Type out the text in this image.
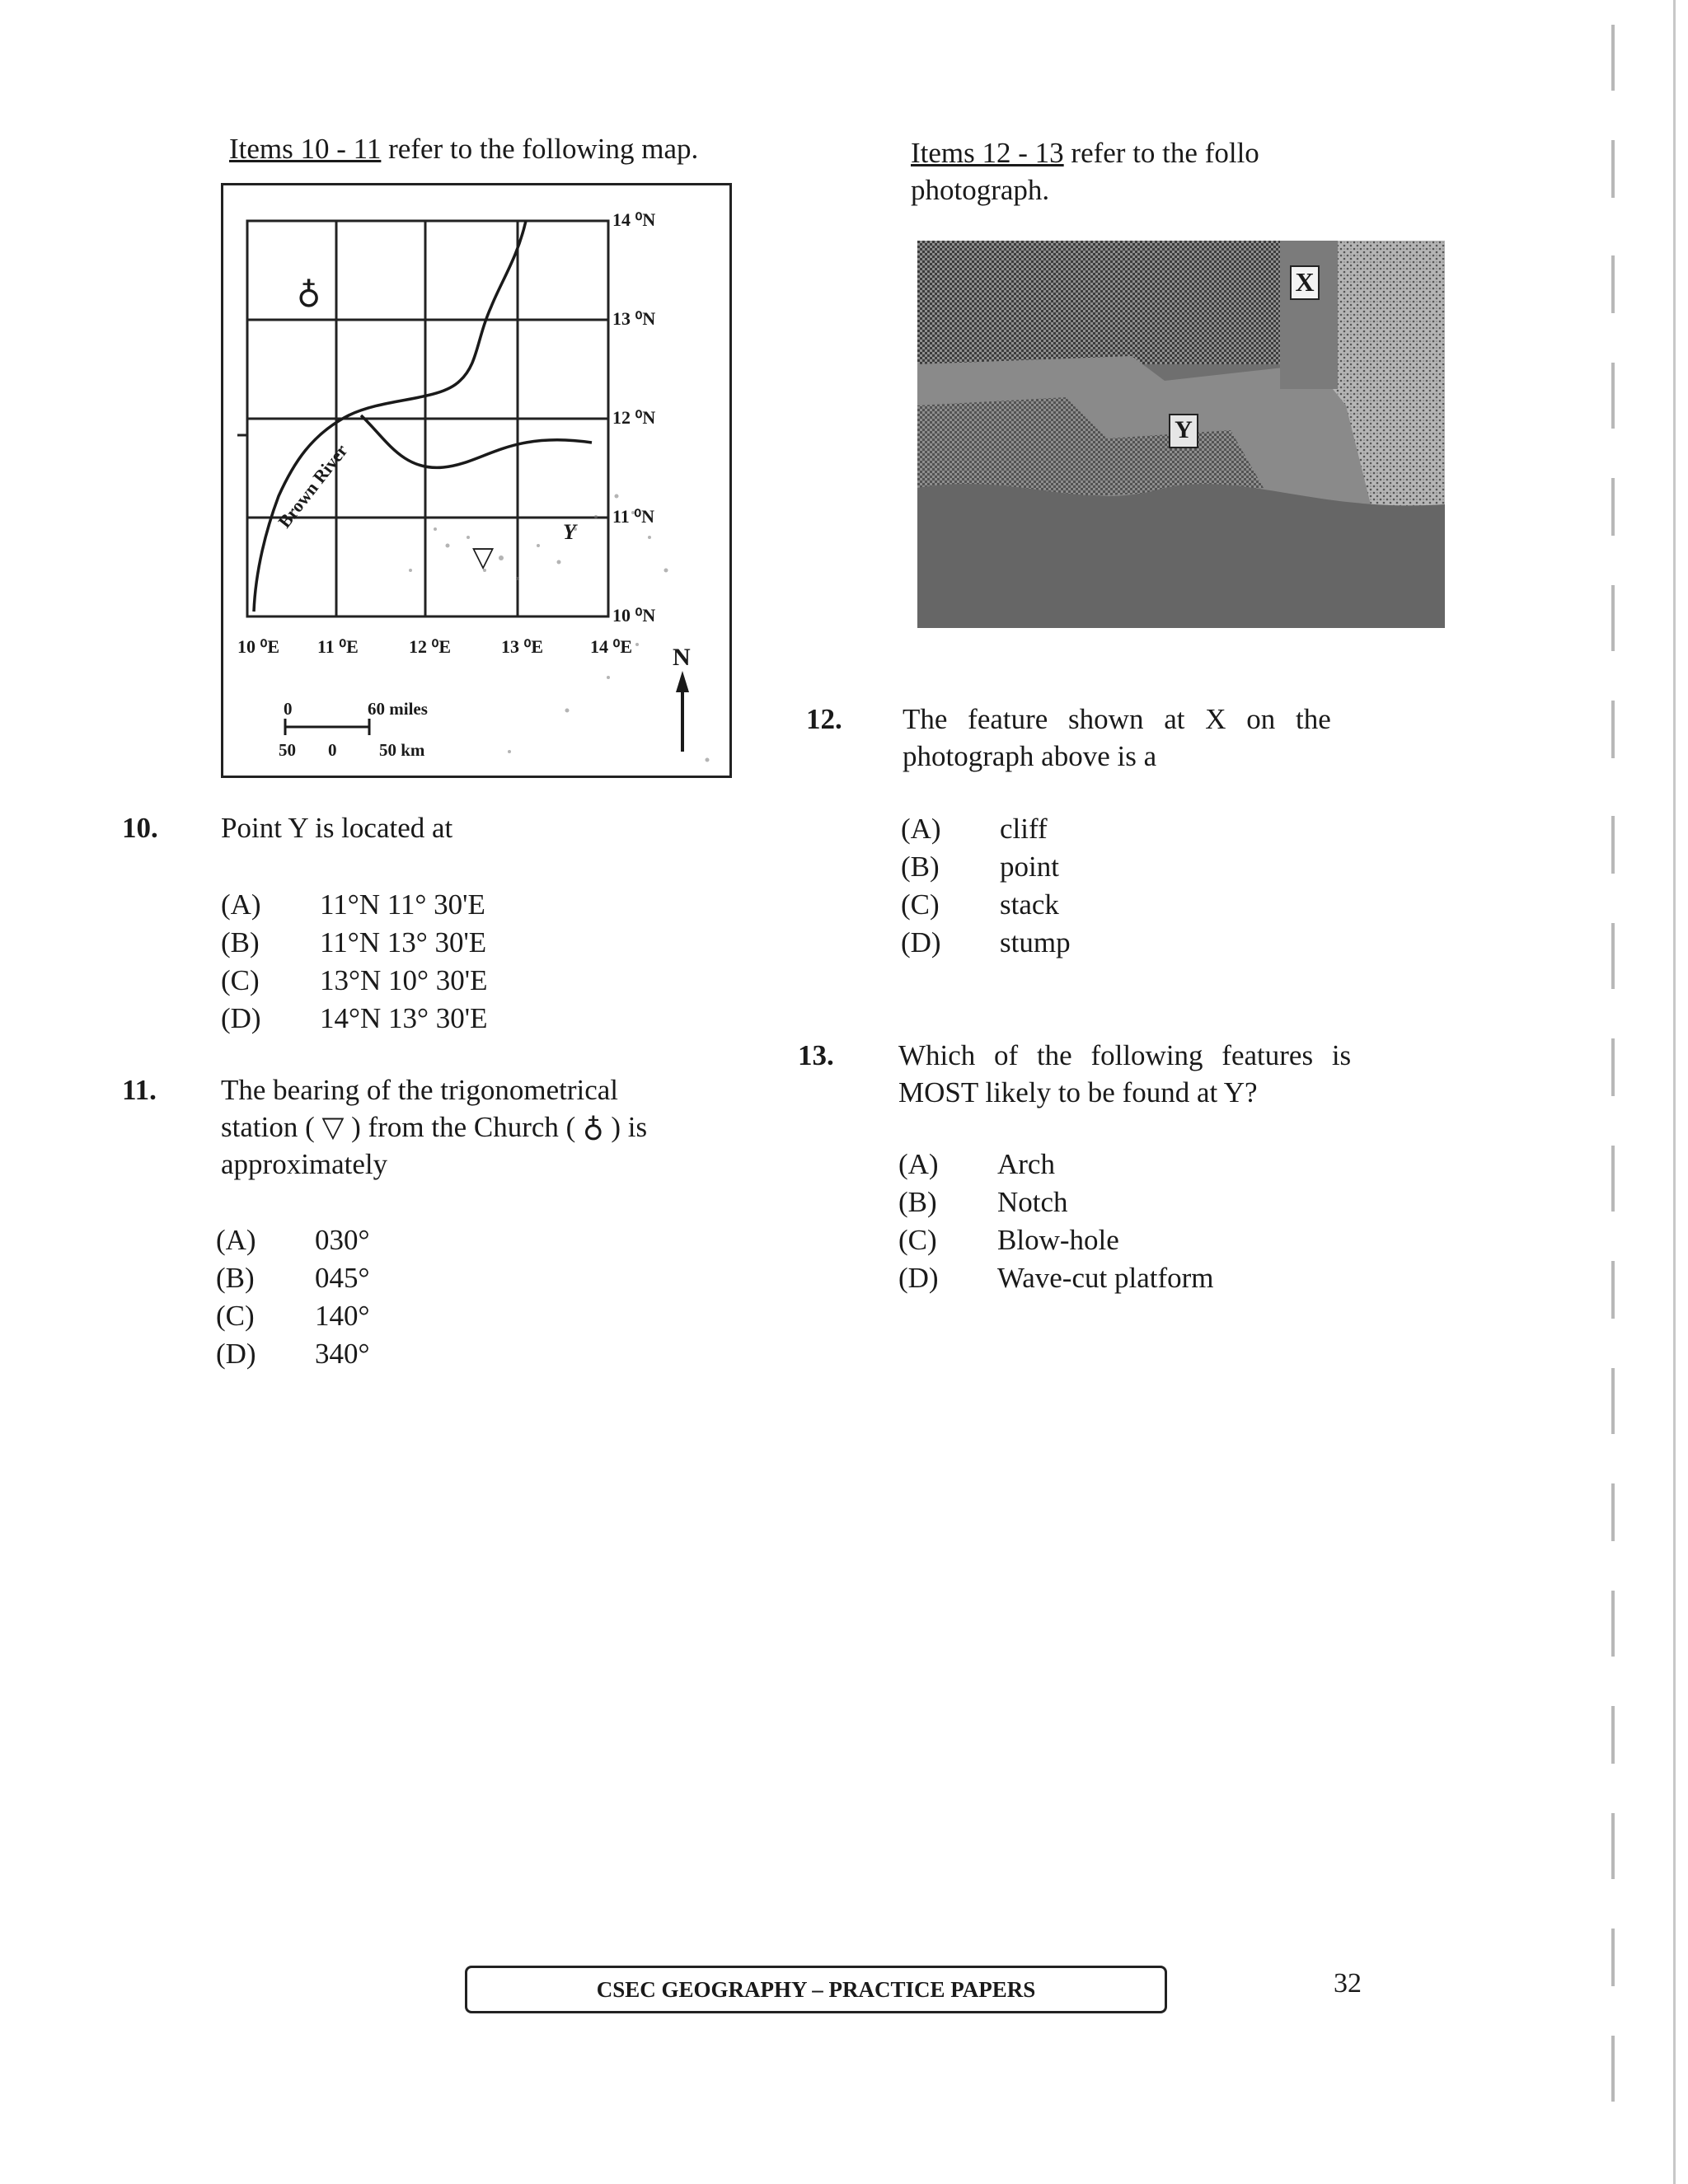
Items 10 - 11 refer to the following map.
14 ⁰N
13 ⁰N
12 ⁰N
11 ⁰N
10 ⁰N
10 ⁰E 11 ⁰E	12 ⁰E	13 ⁰E	14 ⁰E
Brown River
♁
▽
Y
N
0	60 miles
50 0 50 km
10. Point Y is located at
(A)	11°N 11° 30'E
(B)	11°N 13° 30'E
(C)	13°N 10° 30'E
(D)	14°N 13° 30'E
11. The bearing of the trigonometrical
station ( ▽ ) from the Church ( ♁ ) is
approximately
(A)	030°
(B)	045°
(C)	140°
(D)	340°
Items 12 - 13 refer to the follo
photograph.
X
Y
12. The feature shown at X on the
photograph above is a
(A)	cliff
(B)	point
(C)	stack
(D)	stump
13. Which of the following features is
MOST likely to be found at Y?
(A)	Arch
(B)	Notch
(C)	Blow-hole
(D)	Wave-cut platform
CSEC GEOGRAPHY – PRACTICE PAPERS	32
